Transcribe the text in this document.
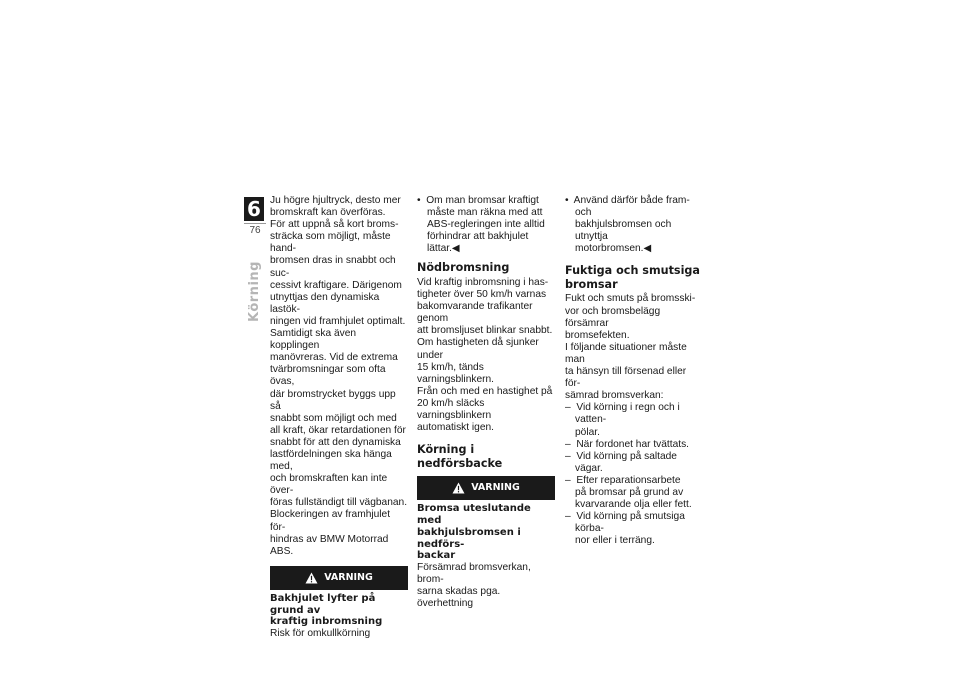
6
76
Körning

Ju högre hjultryck, desto mer
bromskraft kan överföras.
För att uppnå så kort broms-
sträcka som möjligt, måste hand-
bromsen dras in snabbt och suc-
cessivt kraftigare. Därigenom
utnyttjas den dynamiska lastök-
ningen vid framhjulet optimalt.
Samtidigt ska även kopplingen
manövreras. Vid de extrema
tvärbromsningar som ofta övas,
där bromstrycket byggs upp så
snabbt som möjligt och med
all kraft, ökar retardationen för
snabbt för att den dynamiska
lastfördelningen ska hänga med,
och bromskraften kan inte över-
föras fullständigt till vägbanan.
Blockeringen av framhjulet för-
hindras av BMW Motorrad ABS.

VARNING
Bakhjulet lyfter på grund av
kraftig inbromsning

Risk för omkullkörning

•  Om man bromsar kraftigt
måste man räkna med att
ABS-regleringen inte alltid
förhindrar att bakhjulet lättar.◀

Nödbromsning

Vid kraftig inbromsning i has-
tigheter över 50 km/h varnas
bakomvarande trafikanter genom
att bromsljuset blinkar snabbt.
Om hastigheten då sjunker under
15 km/h, tänds varningsblinkern.
Från och med en hastighet på
20 km/h släcks varningsblinkern
automatiskt igen.

Körning i nedförsbacke
VARNING
Bromsa uteslutande med
bakhjulsbromsen i nedförs-
backar

Försämrad bromsverkan, brom-
sarna skadas pga. överhettning

•  Använd därför både fram- och
bakhjulsbromsen och utnyttja
motorbromsen.◀

Fuktiga och smutsiga
bromsar

Fukt och smuts på bromsski-
vor och bromsbelägg försämrar
bromsefekten.
I följande situationer måste man
ta hänsyn till försenad eller för-
sämrad bromsverkan:

–  Vid körning i regn och i vatten-
pölar.

–  När fordonet har tvättats.

–  Vid körning på saltade vägar.

–  Efter reparationsarbete
på bromsar på grund av
kvarvarande olja eller fett.

–  Vid körning på smutsiga körba-
nor eller i terräng.
